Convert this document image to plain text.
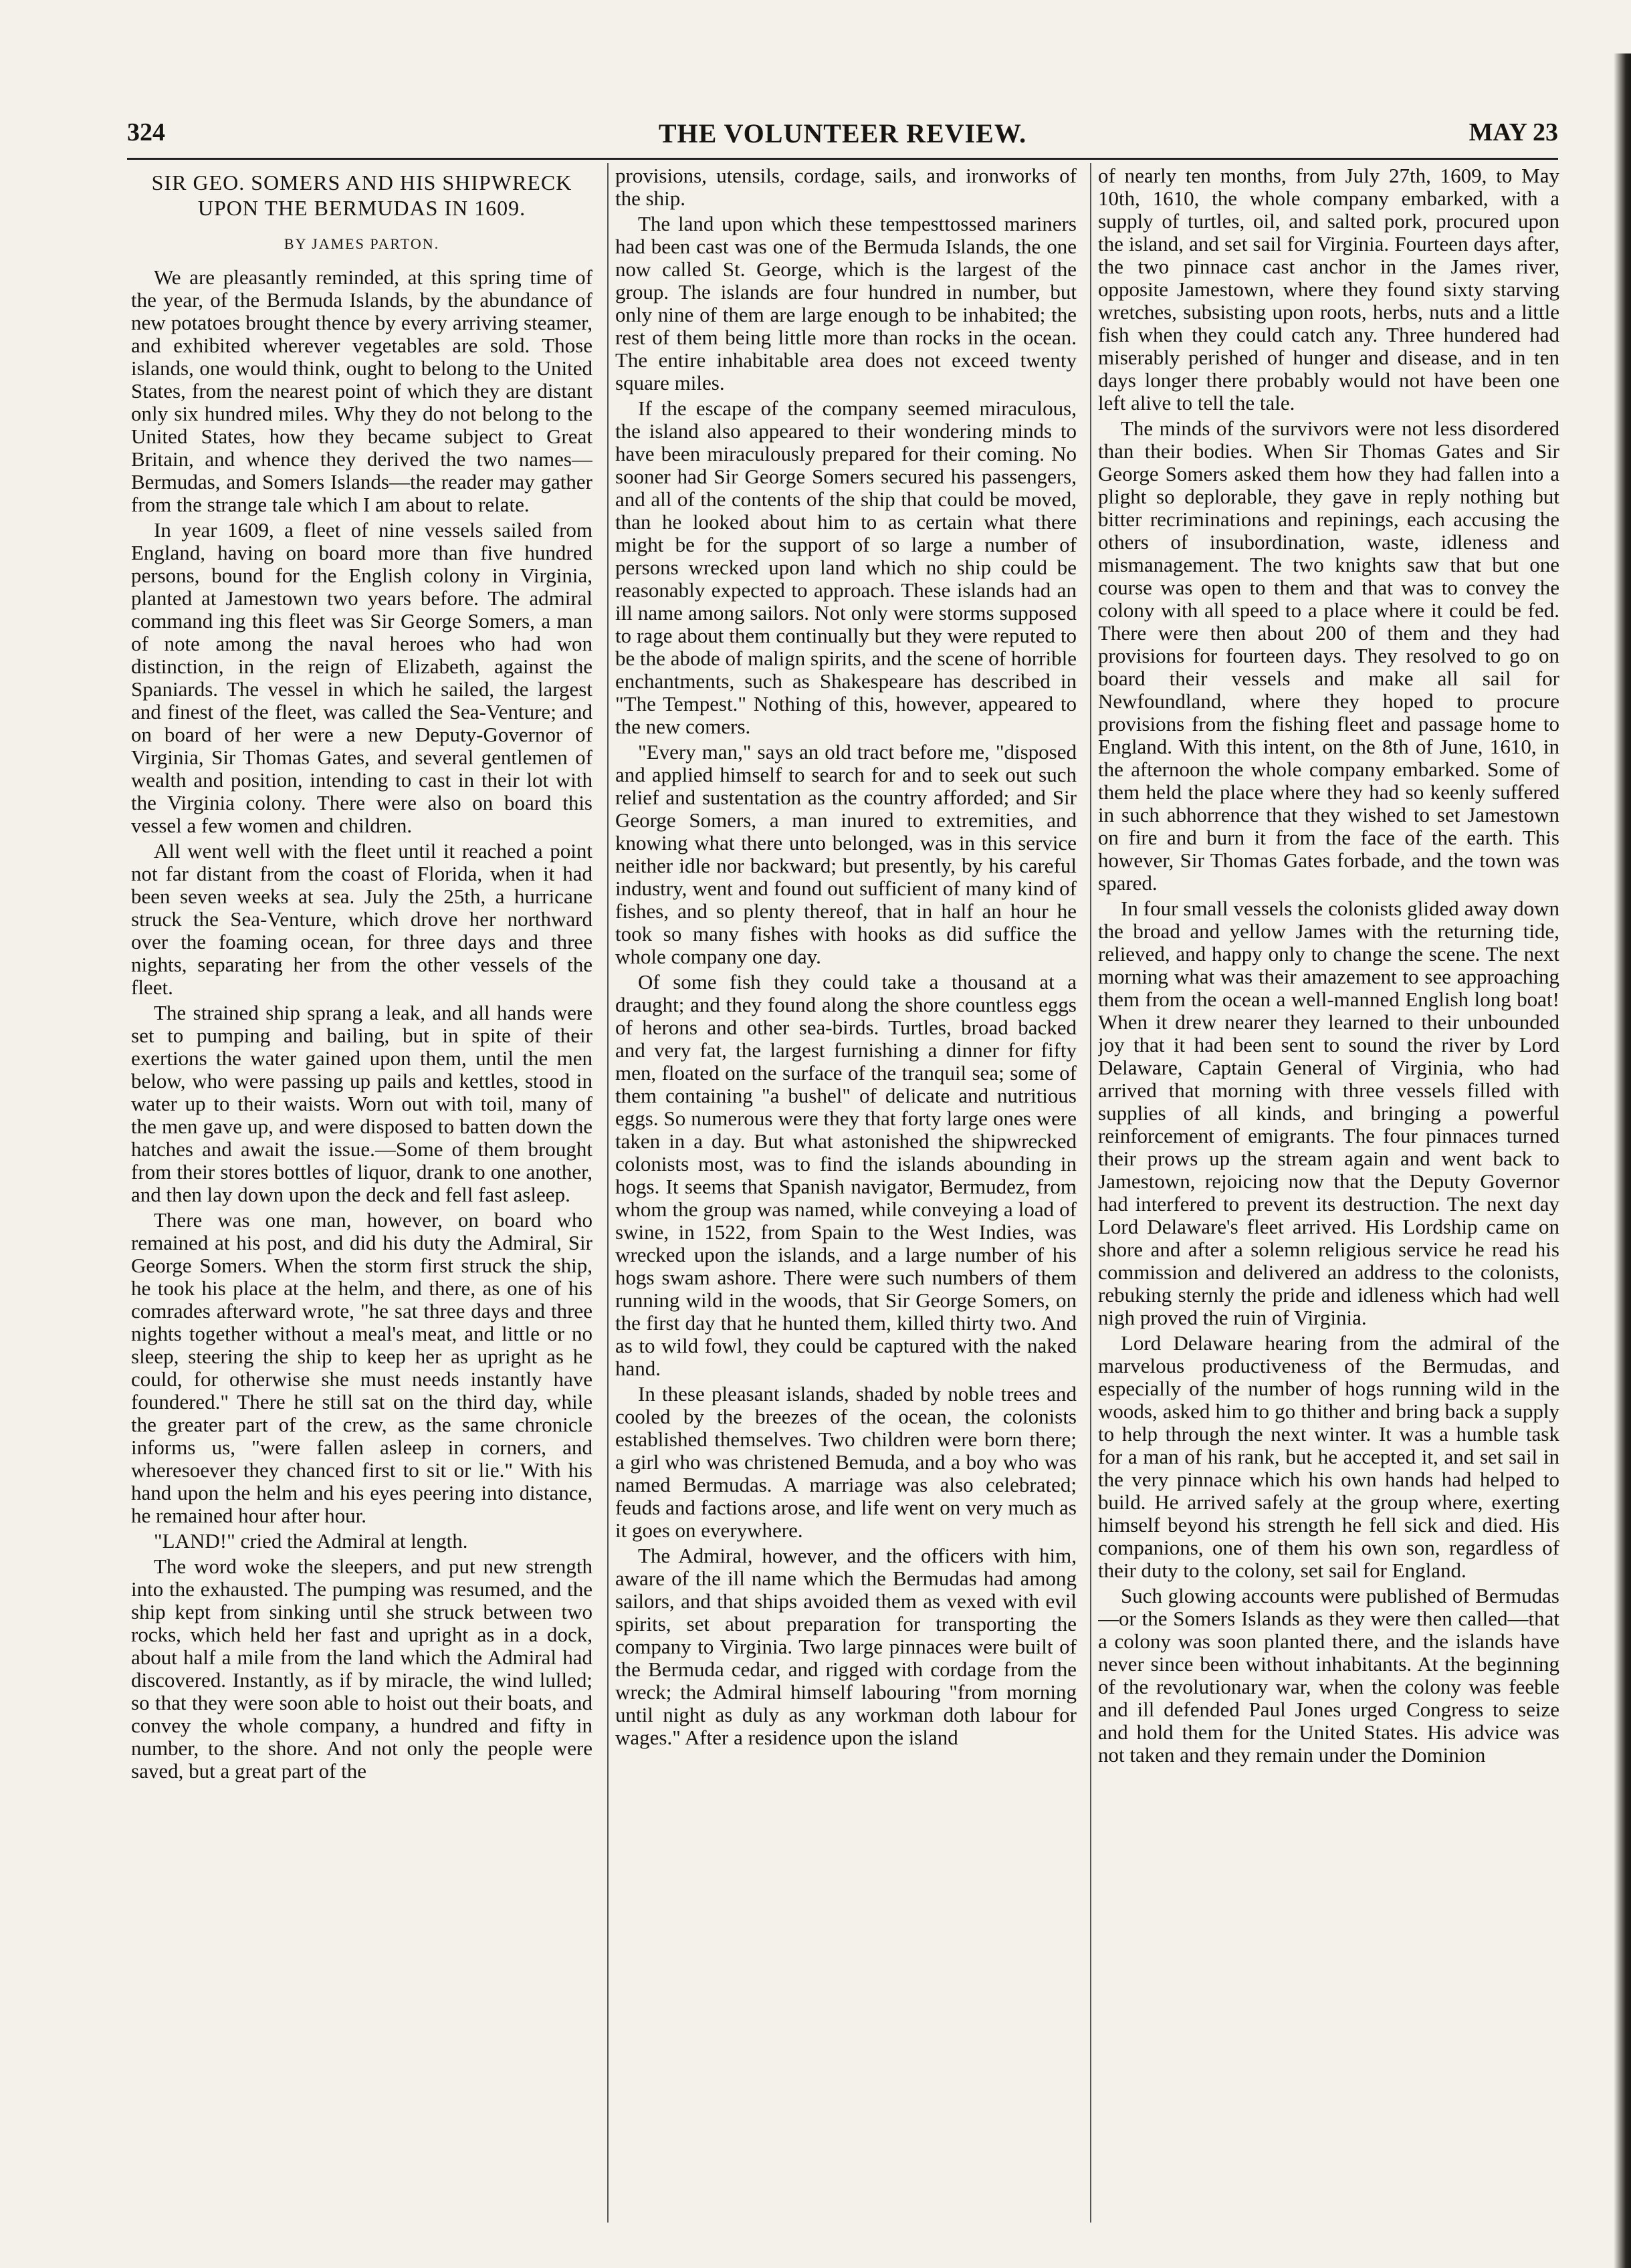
324	THE VOLUNTEER REVIEW.	MAY 23
SIR GEO. SOMERS AND HIS SHIPWRECK UPON THE BERMUDAS IN 1609.
BY JAMES PARTON.

We are pleasantly reminded, at this spring time of the year, of the Bermuda Islands, by the abundance of new potatoes brought thence by every arriving steamer, and exhibited wherever vegetables are sold. Those islands, one would think, ought to belong to the United States, from the nearest point of which they are distant only six hundred miles. Why they do not belong to the United States, how they became subject to Great Britain, and whence they derived the two names—Bermudas, and Somers Islands—the reader may gather from the strange tale which I am about to relate.

In year 1609, a fleet of nine vessels sailed from England, having on board more than five hundred persons, bound for the English colony in Virginia, planted at Jamestown two years before. The admiral command ing this fleet was Sir George Somers, a man of note among the naval heroes who had won distinction, in the reign of Elizabeth, against the Spaniards. The vessel in which he sailed, the largest and finest of the fleet, was called the Sea-Venture; and on board of her were a new Deputy-Governor of Virginia, Sir Thomas Gates, and several gentlemen of wealth and position, intending to cast in their lot with the Virginia colony. There were also on board this vessel a few women and children.

All went well with the fleet until it reached a point not far distant from the coast of Florida, when it had been seven weeks at sea. July the 25th, a hurricane struck the Sea-Venture, which drove her northward over the foaming ocean, for three days and three nights, separating her from the other vessels of the fleet.

The strained ship sprang a leak, and all hands were set to pumping and bailing, but in spite of their exertions the water gained upon them, until the men below, who were passing up pails and kettles, stood in water up to their waists. Worn out with toil, many of the men gave up, and were disposed to batten down the hatches and await the issue.—Some of them brought from their stores bottles of liquor, drank to one another, and then lay down upon the deck and fell fast asleep.

There was one man, however, on board who remained at his post, and did his duty the Admiral, Sir George Somers. When the storm first struck the ship, he took his place at the helm, and there, as one of his comrades afterward wrote, "he sat three days and three nights together without a meal's meat, and little or no sleep, steering the ship to keep her as upright as he could, for otherwise she must needs instantly have foundered." There he still sat on the third day, while the greater part of the crew, as the same chronicle informs us, "were fallen asleep in corners, and wheresoever they chanced first to sit or lie." With his hand upon the helm and his eyes peering into distance, he remained hour after hour.

"LAND!" cried the Admiral at length.

The word woke the sleepers, and put new strength into the exhausted. The pumping was resumed, and the ship kept from sinking until she struck between two rocks, which held her fast and upright as in a dock, about half a mile from the land which the Admiral had discovered. Instantly, as if by miracle, the wind lulled; so that they were soon able to hoist out their boats, and convey the whole company, a hundred and fifty in number, to the shore. And not only the people were saved, but a great part of the

provisions, utensils, cordage, sails, and ironworks of the ship.

The land upon which these tempesttossed mariners had been cast was one of the Bermuda Islands, the one now called St. George, which is the largest of the group. The islands are four hundred in number, but only nine of them are large enough to be inhabited; the rest of them being little more than rocks in the ocean. The entire inhabitable area does not exceed twenty square miles.

If the escape of the company seemed miraculous, the island also appeared to their wondering minds to have been miraculously prepared for their coming. No sooner had Sir George Somers secured his passengers, and all of the contents of the ship that could be moved, than he looked about him to as certain what there might be for the support of so large a number of persons wrecked upon land which no ship could be reasonably expected to approach. These islands had an ill name among sailors. Not only were storms supposed to rage about them continually but they were reputed to be the abode of malign spirits, and the scene of horrible enchantments, such as Shakespeare has described in "The Tempest." Nothing of this, however, appeared to the new comers.

"Every man," says an old tract before me, "disposed and applied himself to search for and to seek out such relief and sustentation as the country afforded; and Sir George Somers, a man inured to extremities, and knowing what there unto belonged, was in this service neither idle nor backward; but presently, by his careful industry, went and found out sufficient of many kind of fishes, and so plenty thereof, that in half an hour he took so many fishes with hooks as did suffice the whole company one day.

Of some fish they could take a thousand at a draught; and they found along the shore countless eggs of herons and other sea-birds. Turtles, broad backed and very fat, the largest furnishing a dinner for fifty men, floated on the surface of the tranquil sea; some of them containing "a bushel" of delicate and nutritious eggs. So numerous were they that forty large ones were taken in a day. But what astonished the shipwrecked colonists most, was to find the islands abounding in hogs. It seems that Spanish navigator, Bermudez, from whom the group was named, while conveying a load of swine, in 1522, from Spain to the West Indies, was wrecked upon the islands, and a large number of his hogs swam ashore. There were such numbers of them running wild in the woods, that Sir George Somers, on the first day that he hunted them, killed thirty two. And as to wild fowl, they could be captured with the naked hand.

In these pleasant islands, shaded by noble trees and cooled by the breezes of the ocean, the colonists established themselves. Two children were born there; a girl who was christened Bemuda, and a boy who was named Bermudas. A marriage was also celebrated; feuds and factions arose, and life went on very much as it goes on everywhere.

The Admiral, however, and the officers with him, aware of the ill name which the Bermudas had among sailors, and that ships avoided them as vexed with evil spirits, set about preparation for transporting the company to Virginia. Two large pinnaces were built of the Bermuda cedar, and rigged with cordage from the wreck; the Admiral himself labouring "from morning until night as duly as any workman doth labour for wages." After a residence upon the island

of nearly ten months, from July 27th, 1609, to May 10th, 1610, the whole company embarked, with a supply of turtles, oil, and salted pork, procured upon the island, and set sail for Virginia. Fourteen days after, the two pinnace cast anchor in the James river, opposite Jamestown, where they found sixty starving wretches, subsisting upon roots, herbs, nuts and a little fish when they could catch any. Three hundered had miserably perished of hunger and disease, and in ten days longer there probably would not have been one left alive to tell the tale.

The minds of the survivors were not less disordered than their bodies. When Sir Thomas Gates and Sir George Somers asked them how they had fallen into a plight so deplorable, they gave in reply nothing but bitter recriminations and repinings, each accusing the others of insubordination, waste, idleness and mismanagement. The two knights saw that but one course was open to them and that was to convey the colony with all speed to a place where it could be fed. There were then about 200 of them and they had provisions for fourteen days. They resolved to go on board their vessels and make all sail for Newfoundland, where they hoped to procure provisions from the fishing fleet and passage home to England. With this intent, on the 8th of June, 1610, in the afternoon the whole company embarked. Some of them held the place where they had so keenly suffered in such abhorrence that they wished to set Jamestown on fire and burn it from the face of the earth. This however, Sir Thomas Gates forbade, and the town was spared.

In four small vessels the colonists glided away down the broad and yellow James with the returning tide, relieved, and happy only to change the scene. The next morning what was their amazement to see approaching them from the ocean a well-manned English long boat! When it drew nearer they learned to their unbounded joy that it had been sent to sound the river by Lord Delaware, Captain General of Virginia, who had arrived that morning with three vessels filled with supplies of all kinds, and bringing a powerful reinforcement of emigrants. The four pinnaces turned their prows up the stream again and went back to Jamestown, rejoicing now that the Deputy Governor had interfered to prevent its destruction. The next day Lord Delaware's fleet arrived. His Lordship came on shore and after a solemn religious service he read his commission and delivered an address to the colonists, rebuking sternly the pride and idleness which had well nigh proved the ruin of Virginia.

Lord Delaware hearing from the admiral of the marvelous productiveness of the Bermudas, and especially of the number of hogs running wild in the woods, asked him to go thither and bring back a supply to help through the next winter. It was a humble task for a man of his rank, but he accepted it, and set sail in the very pinnace which his own hands had helped to build. He arrived safely at the group where, exerting himself beyond his strength he fell sick and died. His companions, one of them his own son, regardless of their duty to the colony, set sail for England.

Such glowing accounts were published of Bermudas—or the Somers Islands as they were then called—that a colony was soon planted there, and the islands have never since been without inhabitants. At the beginning of the revolutionary war, when the colony was feeble and ill defended Paul Jones urged Congress to seize and hold them for the United States. His advice was not taken and they remain under the Dominion
